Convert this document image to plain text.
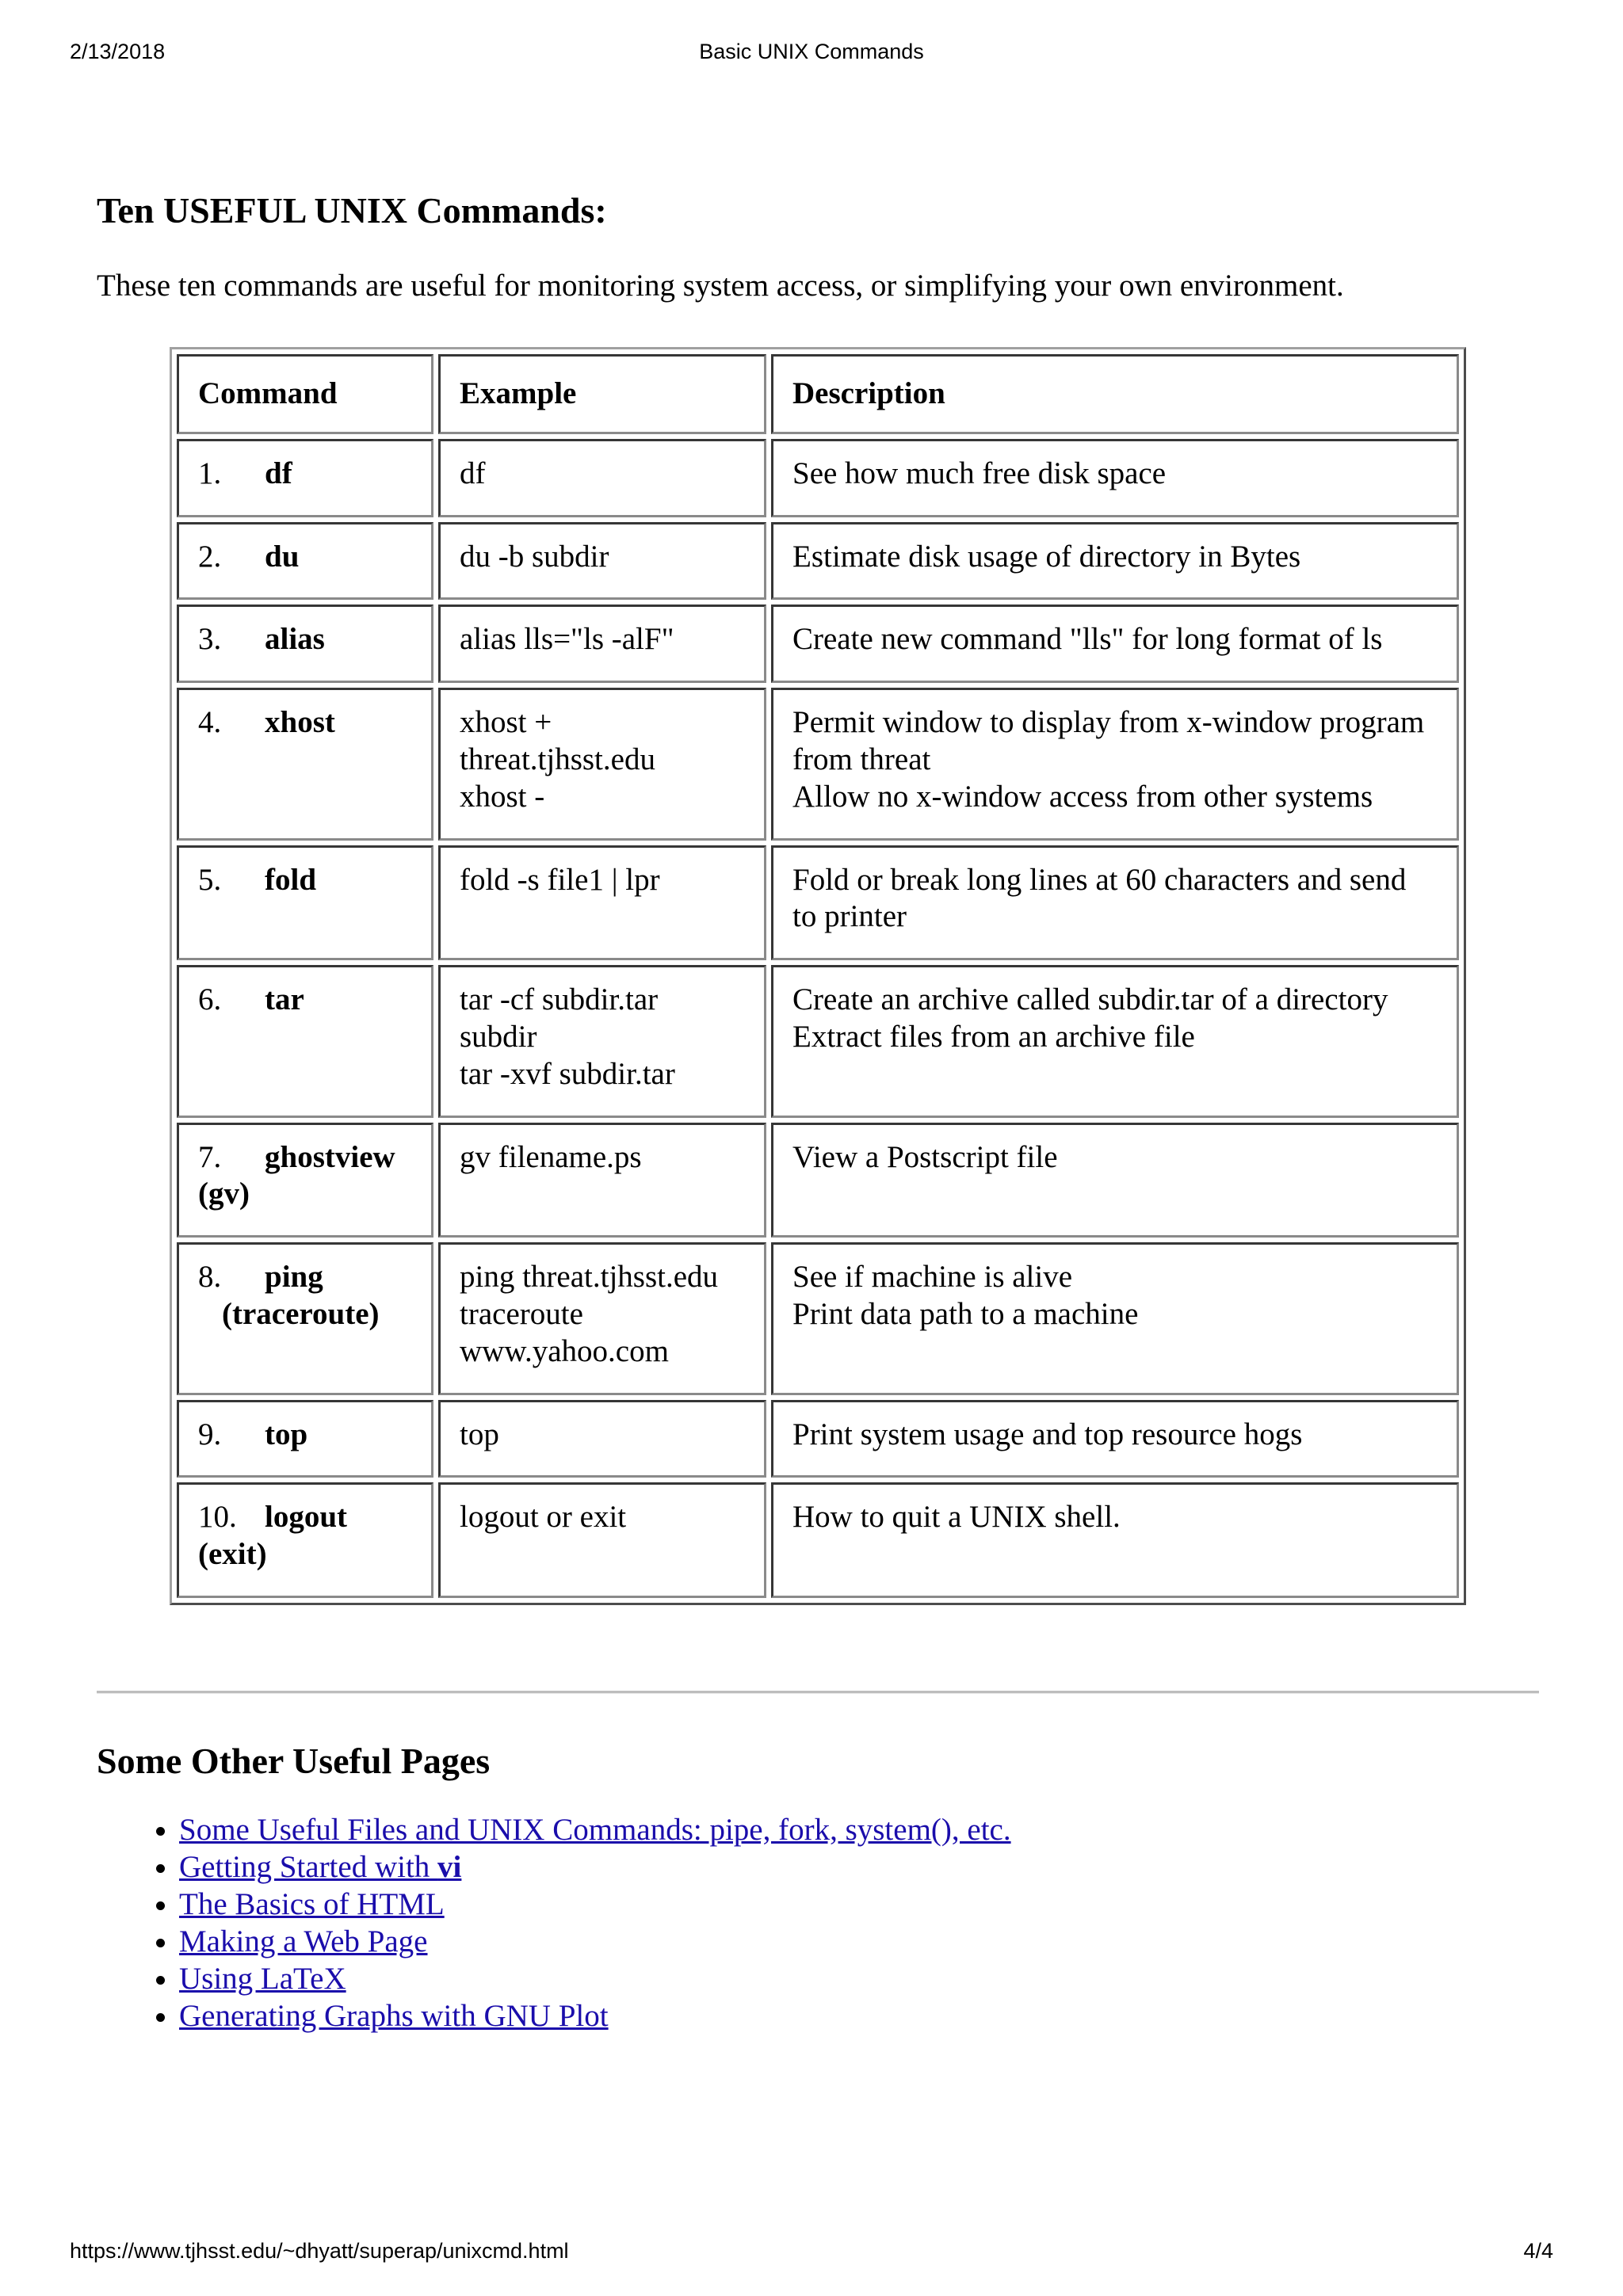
2/13/2018	Basic UNIX Commands
Ten USEFUL UNIX Commands:

These ten commands are useful for monitoring system access, or simplifying your own environment.

Command	Example	Description
1. df	df	See how much free disk space

2. du	du -b subdir	Estimate disk usage of directory in Bytes

3. alias	alias lls="ls -alF"	Create new command "lls" for long format of ls

4. xhost	xhost +
threat.tjhsst.edu
xhost -	Permit window to display from x-window program from threat
Allow no x-window access from other systems

5. fold	fold -s file1 | lpr	Fold or break long lines at 60 characters and send to printer

6. tar	tar -cf subdir.tar
subdir
tar -xvf subdir.tar	Create an archive called subdir.tar of a directory
Extract files from an archive file

7. ghostview
(gv)	gv filename.ps	View a Postscript file

8. ping
(traceroute)	ping threat.tjhsst.edu
traceroute
www.yahoo.com	See if machine is alive
Print data path to a machine

9. top	top	Print system usage and top resource hogs

10. logout
(exit)	logout or exit	How to quit a UNIX shell.
Some Other Useful Pages
• Some Useful Files and UNIX Commands: pipe, fork, system(), etc.
• Getting Started with vi
• The Basics of HTML
• Making a Web Page
• Using LaTeX
• Generating Graphs with GNU Plot
https://www.tjhsst.edu/~dhyatt/superap/unixcmd.html	4/4
